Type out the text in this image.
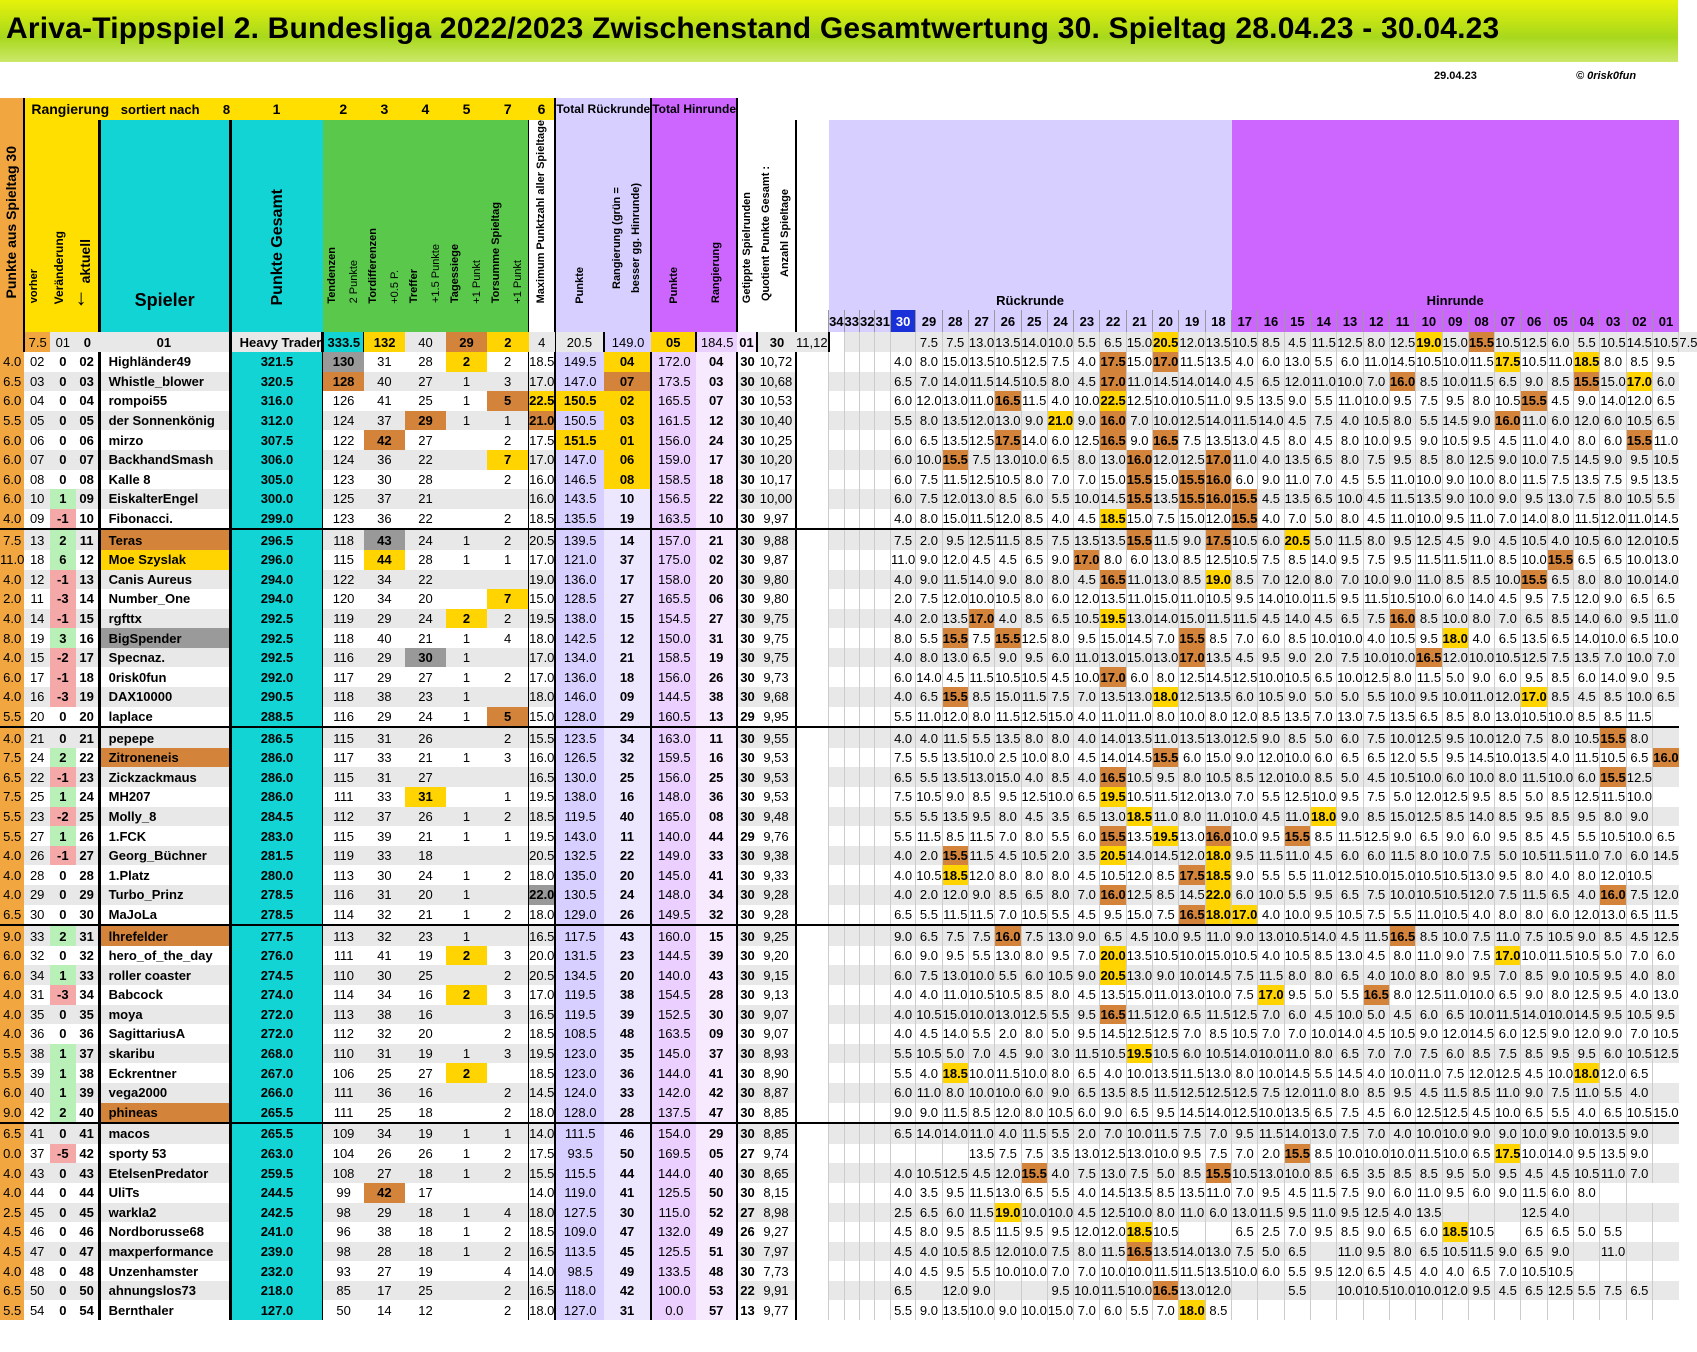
Ariva-Tippspiel 2. Bundesliga 2022/2023 Zwischenstand Gesamtwertung 30. Spieltag 28.04.23 - 30.04.23
29.04.23	© 0risk0fun
Punkte aus Spieltag 30	Rangierung sortiert nach 8				1	2	3	4	5	7	6	Total Rückrunde		Total Hinrunde																																							
	vorher	Veränderung	aktuell
↓	Spieler	Punkte Gesamt	Tendenzen 2 Punkte	Tordifferenzen +0.5 P.	Treffer +1.5 Punkte	Tagessiege +1 Punkt	Torsumme Spieltag +1 Punkt	Maximum Punktzahl aller Spieltage	Punkte	Rangierung (grün = besser gg. Hinrunde)	Punkte	Rangierung	Getippte Spielrunden	Quotient Punkte Gesamt : Anzahl Spieltage		Rückrunde																	Hinrunde																	
																			34	33	32	31	30	29	28	27	26	25	24	23	22	21	20	19	18	17	16	15	14	13	12	11	10	09	08	07	06	05	04	03	02	01	
	7.5	01	0	01	Heavy Trader	333.5	132	40	29	2	4	20.5	149.0	05	184.5	01	30	11,12						7.5	7.5	13.0	13.5	14.0	10.0	5.5	6.5	15.0	20.5	12.0	13.5	10.5	8.5	4.5	11.5	12.5	8.0	12.5	19.0	15.0	15.5	10.5	12.5	6.0	5.5	10.5	14.5	10.5	7.5
4.0	02	0	02	Highländer49	321.5	130	31	28	2	2	18.5	149.5	04	172.0	04	30	10,72						4.0	8.0	15.0	13.5	10.5	12.5	7.5	4.0	17.5	15.0	17.0	11.5	13.5	4.0	6.0	13.0	5.5	6.0	11.0	14.5	10.5	10.0	11.5	17.5	10.5	11.0	18.5	8.0	8.5	9.5	
6.5	03	0	03	Whistle_blower	320.5	128	40	27	1	3	17.0	147.0	07	173.5	03	30	10,68						6.5	7.0	14.0	11.5	14.5	10.5	8.0	4.5	17.0	11.0	14.5	14.0	14.0	4.5	6.5	12.0	11.0	10.0	7.0	16.0	8.5	10.0	11.5	6.5	9.0	8.5	15.5	15.0	17.0	6.0	
6.0	04	0	04	rompoi55	316.0	126	41	25	1	5	22.5	150.5	02	165.5	07	30	10,53						6.0	12.0	13.0	11.0	16.5	11.5	4.0	10.0	22.5	12.5	10.0	10.5	11.0	9.5	13.5	9.0	5.5	11.0	10.0	9.5	7.5	9.5	8.0	10.5	15.5	4.5	9.0	14.0	12.0	6.5	
5.5	05	0	05	der Sonnenkönig	312.0	124	37	29	1	1	21.0	150.5	03	161.5	12	30	10,40						5.5	8.0	13.5	12.0	13.0	9.0	21.0	9.0	16.0	7.0	10.0	12.5	14.0	11.5	14.0	4.5	7.5	4.0	10.5	8.0	5.5	14.5	9.0	16.0	11.0	6.0	12.0	6.0	10.5	6.5	
6.0	06	0	06	mirzo	307.5	122	42	27		2	17.5	151.5	01	156.0	24	30	10,25						6.0	6.5	13.5	12.5	17.5	14.0	6.0	12.5	16.5	9.0	16.5	7.5	13.5	13.0	4.5	8.0	4.5	8.0	10.0	9.5	9.0	10.5	9.5	4.5	11.0	4.0	8.0	6.0	15.5	11.0	
6.0	07	0	07	BackhandSmash	306.0	124	36	22		7	17.0	147.0	06	159.0	17	30	10,20						6.0	10.0	15.5	7.5	13.0	10.0	6.5	8.0	13.0	16.0	12.0	12.5	17.0	11.0	4.0	13.5	6.5	8.0	7.5	9.5	8.5	8.0	12.5	9.0	10.0	7.5	14.5	9.0	9.5	10.5	
6.0	08	0	08	Kalle 8	305.0	123	30	28		2	16.0	146.5	08	158.5	18	30	10,17						6.0	7.5	11.5	12.5	10.5	8.0	7.0	7.0	15.0	15.5	15.0	15.5	16.0	6.0	9.0	11.0	7.0	4.5	5.5	11.0	10.0	9.0	10.0	8.0	11.5	7.5	13.5	7.5	9.5	13.5	
6.0	10	1	09	EiskalterEngel	300.0	125	37	21			16.0	143.5	10	156.5	22	30	10,00						6.0	7.5	12.0	13.0	8.5	6.0	5.5	10.0	14.5	15.5	13.5	15.5	16.0	15.5	4.5	13.5	6.5	10.0	4.5	11.5	13.5	9.0	10.0	9.0	9.5	13.0	7.5	8.0	10.5	5.5	
4.0	09	-1	10	Fibonacci.	299.0	123	36	22		2	18.5	135.5	19	163.5	10	30	9,97						4.0	8.0	15.0	11.5	12.0	8.5	4.0	4.5	18.5	15.0	7.5	15.0	12.0	15.5	4.0	7.0	5.0	8.0	4.5	11.0	10.0	9.5	11.0	7.0	14.0	8.0	11.5	12.0	11.0	14.5	
7.5	13	2	11	Teras	296.5	118	43	24	1	2	20.5	139.5	14	157.0	21	30	9,88						7.5	2.0	9.5	12.5	11.5	8.5	7.5	13.5	13.5	15.5	11.5	9.0	17.5	10.5	6.0	20.5	5.0	11.5	8.0	9.5	12.5	4.5	9.0	4.5	10.5	4.0	10.5	6.0	12.0	10.5	
11.0	18	6	12	Moe Szyslak	296.0	115	44	28	1	1	17.0	121.0	37	175.0	02	30	9,87						11.0	9.0	12.0	4.5	4.5	6.5	9.0	17.0	8.0	6.0	13.0	8.5	12.5	10.5	7.5	8.5	14.0	9.5	7.5	9.5	11.5	11.5	11.0	8.5	10.0	15.5	6.5	6.5	10.0	13.0	
4.0	12	-1	13	Canis Aureus	294.0	122	34	22			19.0	136.0	17	158.0	20	30	9,80						4.0	9.0	11.5	14.0	9.0	8.0	8.0	4.5	16.5	11.0	13.0	8.5	19.0	8.5	7.0	12.0	8.0	7.0	10.0	9.0	11.0	8.5	8.5	10.0	15.5	6.5	8.0	8.0	10.0	14.0	
2.0	11	-3	14	Number_One	294.0	120	34	20		7	15.0	128.5	27	165.5	06	30	9,80						2.0	7.5	12.0	10.0	10.5	8.0	6.0	12.0	13.5	11.0	15.0	11.0	10.5	9.5	14.0	10.0	11.5	9.5	11.5	10.5	10.0	6.0	14.0	4.5	9.5	7.5	12.0	9.0	6.5	6.5	
4.0	14	-1	15	rgfttx	292.5	119	29	24	2	2	19.5	138.0	15	154.5	27	30	9,75						4.0	2.0	13.5	17.0	4.0	8.5	6.5	10.5	19.5	13.0	14.0	15.0	11.5	11.5	4.5	14.0	4.5	6.5	7.5	16.0	8.5	10.0	8.0	7.0	6.5	8.5	14.0	6.0	9.5	11.0	
8.0	19	3	16	BigSpender	292.5	118	40	21	1	4	18.0	142.5	12	150.0	31	30	9,75						8.0	5.5	15.5	7.5	15.5	12.5	8.0	9.5	15.0	14.5	7.0	15.5	8.5	7.0	6.0	8.5	10.0	10.0	4.0	10.5	9.5	18.0	4.0	6.5	13.5	6.5	14.0	10.0	6.5	10.0	
4.0	15	-2	17	Specnaz.	292.5	116	29	30	1		17.0	134.0	21	158.5	19	30	9,75						4.0	8.0	13.0	6.5	9.0	9.5	6.0	11.0	13.0	15.0	13.0	17.0	13.5	4.5	9.5	9.0	2.0	7.5	10.0	10.0	16.5	12.0	10.0	10.5	12.5	7.5	13.5	7.0	10.0	7.0	
6.0	17	-1	18	0risk0fun	292.0	117	29	27	1	2	17.0	136.0	18	156.0	26	30	9,73						6.0	14.0	4.5	11.5	10.5	10.5	4.5	10.0	17.0	6.0	8.0	12.5	14.5	12.5	10.0	10.5	6.5	10.0	12.5	8.0	11.5	5.0	9.0	6.0	9.5	8.5	6.0	14.0	9.0	9.5	
4.0	16	-3	19	DAX10000	290.5	118	38	23	1		18.0	146.0	09	144.5	38	30	9,68						4.0	6.5	15.5	8.5	15.0	11.5	7.5	7.0	13.5	13.0	18.0	12.5	13.5	6.0	10.5	9.0	5.0	5.0	5.5	10.0	9.5	10.0	11.0	12.0	17.0	8.5	4.5	8.5	10.0	6.5	
5.5	20	0	20	laplace	288.5	116	29	24	1	5	15.0	128.0	29	160.5	13	29	9,95						5.5	11.0	12.0	8.0	11.5	12.5	15.0	4.0	11.0	11.0	8.0	10.0	8.0	12.0	8.5	13.5	7.0	13.0	7.5	13.5	6.5	8.5	8.0	13.0	10.5	10.0	8.5	8.5	11.5		
4.0	21	0	21	pepepe	286.5	115	31	26		2	15.5	123.5	34	163.0	11	30	9,55						4.0	4.0	11.5	5.5	13.5	8.0	8.0	4.0	14.0	13.5	11.0	13.5	13.0	12.5	9.0	8.5	5.0	6.0	7.5	10.0	12.5	9.5	10.0	12.0	7.5	8.0	10.5	15.5	8.0		
7.5	24	2	22	Zitroneneis	286.0	117	33	21	1	3	16.0	126.5	32	159.5	16	30	9,53						7.5	5.5	13.5	10.0	2.5	10.0	8.0	4.5	14.0	14.5	15.5	6.0	15.0	9.0	12.0	10.0	6.0	6.5	6.5	12.0	5.5	9.5	14.5	10.0	13.5	4.0	11.5	10.5	6.5	16.0	
6.5	22	-1	23	Zickzackmaus	286.0	115	31	27			16.5	130.0	25	156.0	25	30	9,53						6.5	5.5	13.5	13.0	15.0	4.0	8.5	4.0	16.5	10.5	9.5	8.0	10.5	8.5	12.0	10.0	8.5	5.0	4.5	10.5	10.0	6.0	10.0	8.0	11.5	10.0	6.0	15.5	12.5		
7.5	25	1	24	MH207	286.0	111	33	31		1	19.5	138.0	16	148.0	36	30	9,53						7.5	10.5	9.0	8.5	9.5	12.5	10.0	6.5	19.5	10.5	11.5	12.0	13.0	7.0	5.5	12.5	10.0	9.5	7.5	5.0	12.0	12.5	9.5	8.5	5.0	8.5	12.5	11.5	10.0		
5.5	23	-2	25	Molly_8	284.5	112	37	26	1	2	18.5	119.5	40	165.0	08	30	9,48						5.5	5.5	13.5	9.5	8.0	4.5	3.5	6.5	13.0	18.5	11.0	8.0	11.0	10.0	4.5	11.0	18.0	9.0	8.5	15.0	12.5	8.5	14.0	8.5	9.5	8.5	9.5	8.0	9.0		
5.5	27	1	26	1.FCK	283.0	115	39	21	1	1	19.5	143.0	11	140.0	44	29	9,76						5.5	11.5	8.5	11.5	7.0	8.0	5.5	6.0	15.5	13.5	19.5	13.0	16.0	10.0	9.5	15.5	8.5	11.5	12.5	9.0	6.5	9.0	6.0	9.5	8.5	4.5	5.5	10.5	10.0	6.5	
4.0	26	-1	27	Georg_Büchner	281.5	119	33	18			20.5	132.5	22	149.0	33	30	9,38						4.0	2.0	15.5	11.5	4.5	10.5	2.0	3.5	20.5	14.0	14.5	12.0	18.0	9.5	11.5	11.0	4.5	6.0	6.0	11.5	8.0	10.0	7.5	5.0	10.5	11.5	11.0	7.0	6.0	14.5	
4.0	28	0	28	1.Platz	280.0	113	30	24	1	2	18.0	135.0	20	145.0	41	30	9,33						4.0	10.5	18.5	12.0	8.0	8.0	8.0	4.5	10.5	12.0	8.5	17.5	18.5	9.0	5.5	5.5	11.0	12.5	10.0	15.0	10.5	10.5	13.0	9.5	8.0	4.0	8.0	12.0	10.5		
4.0	29	0	29	Turbo_Prinz	278.5	116	31	20	1		22.0	130.5	24	148.0	34	30	9,28						4.0	2.0	12.0	9.0	8.5	6.5	8.0	7.0	16.0	12.5	8.5	14.5	22.0	6.0	10.0	5.5	9.5	6.5	7.5	10.0	10.5	10.5	12.0	7.5	11.5	6.5	4.0	16.0	7.5	12.0	
6.5	30	0	30	MaJoLa	278.5	114	32	21	1	2	18.0	129.0	26	149.5	32	30	9,28						6.5	5.5	11.5	11.5	7.0	10.5	5.5	4.5	9.5	15.0	7.5	16.5	18.0	17.0	4.0	10.0	9.5	10.5	7.5	5.5	11.0	10.5	4.0	8.0	8.0	6.0	12.0	13.0	6.5	11.5	
9.0	33	2	31	lhrefelder	277.5	113	32	23	1		16.5	117.5	43	160.0	15	30	9,25						9.0	6.5	7.5	7.5	16.0	7.5	13.0	9.0	6.5	4.5	10.0	9.5	11.0	9.0	13.0	10.5	14.0	4.5	11.5	16.5	8.5	10.0	7.5	11.0	7.5	10.5	9.0	8.5	4.5	12.5	
6.0	32	0	32	hero_of_the_day	276.0	111	41	19	2	3	20.0	131.5	23	144.5	39	30	9,20						6.0	9.0	9.5	5.5	13.0	8.0	9.5	7.0	20.0	13.5	10.5	10.0	15.0	10.5	4.0	10.5	8.5	13.0	4.5	8.0	11.0	9.0	7.5	17.0	10.0	11.5	10.5	5.0	7.0	6.0	
6.0	34	1	33	roller coaster	274.5	110	30	25		2	20.5	134.5	20	140.0	43	30	9,15						6.0	7.5	13.0	10.0	5.5	6.0	10.5	9.0	20.5	13.0	9.0	10.0	14.5	7.5	11.5	8.0	8.0	6.5	4.0	10.0	8.0	8.0	9.5	7.0	8.5	9.0	10.5	9.5	4.0	8.0	
4.0	31	-3	34	Babcock	274.0	114	34	16	2	3	17.0	119.5	38	154.5	28	30	9,13						4.0	4.0	11.0	10.5	10.5	8.5	8.0	4.5	13.5	15.0	11.0	13.0	10.0	7.5	17.0	9.5	5.0	5.5	16.5	8.0	12.5	11.0	10.0	6.5	9.0	8.0	12.5	9.5	4.0	13.0	
4.0	35	0	35	moya	272.0	113	38	16		3	16.5	119.5	39	152.5	30	30	9,07						4.0	10.5	15.0	10.0	13.0	12.5	5.5	9.5	16.5	11.5	12.0	6.5	11.5	12.5	7.0	6.0	4.5	10.0	5.0	4.5	6.0	6.5	10.0	11.5	14.0	10.0	14.5	9.5	10.5	9.5	
4.0	36	0	36	SagittariusA	272.0	112	32	20		2	18.5	108.5	48	163.5	09	30	9,07						4.0	4.5	14.0	5.5	2.0	8.0	5.0	9.5	14.5	12.5	12.5	7.0	8.5	10.5	7.0	7.0	10.0	14.0	4.5	10.5	9.0	12.0	14.5	6.0	12.5	9.0	12.0	9.0	7.0	10.5	
5.5	38	1	37	skaribu	268.0	110	31	19	1	3	19.5	123.0	35	145.0	37	30	8,93						5.5	10.5	5.0	7.0	4.5	9.0	3.0	11.5	10.5	19.5	10.5	6.0	10.5	14.0	10.0	11.0	8.0	6.5	7.0	7.0	7.5	6.0	8.5	7.5	8.5	9.5	9.5	6.0	10.5	12.5	
5.5	39	1	38	Eckrentner	267.0	106	25	27	2		18.5	123.0	36	144.0	41	30	8,90						5.5	4.0	18.5	10.0	11.5	10.0	8.0	6.5	4.0	10.0	13.5	11.5	13.0	8.0	10.0	14.5	5.5	14.5	4.0	10.0	11.0	7.5	12.0	12.5	4.5	10.0	18.0	12.0	6.5		
6.0	40	1	39	vega2000	266.0	111	36	16		2	14.5	124.0	33	142.0	42	30	8,87						6.0	11.0	8.0	10.0	10.0	6.0	9.0	6.5	13.5	8.5	11.5	12.5	12.5	12.5	7.5	12.0	11.0	8.0	8.5	9.5	4.5	11.5	8.5	11.0	9.0	7.5	11.0	5.5	4.0		
9.0	42	2	40	phineas	265.5	111	25	18		2	18.0	128.0	28	137.5	47	30	8,85						9.0	9.0	11.5	8.5	12.0	8.0	10.5	6.0	9.0	6.5	9.5	14.5	14.0	12.5	10.0	13.5	6.5	7.5	4.5	6.0	12.5	12.5	4.5	10.0	6.5	5.5	4.0	6.5	10.5	15.0	
6.5	41	0	41	macos	265.5	109	34	19	1	1	14.0	111.5	46	154.0	29	30	8,85						6.5	14.0	14.0	11.0	4.0	11.5	5.5	2.0	7.0	10.0	11.5	7.5	7.0	9.5	11.5	14.0	13.0	7.5	7.0	4.0	10.0	10.0	9.0	9.0	10.0	9.0	10.0	13.5	9.0		
0.0	37	-5	42	sporty 53	263.0	104	26	26	1	2	17.5	93.5	50	169.5	05	27	9,74									13.5	7.5	7.5	3.5	13.0	12.5	13.0	10.0	9.5	7.5	7.0	2.0	15.5	8.5	10.0	10.0	10.0	11.5	10.0	6.5	17.5	10.0	14.0	9.5	13.5	9.0		
4.0	43	0	43	EtelsenPredator	259.5	108	27	18	1	2	15.5	115.5	44	144.0	40	30	8,65						4.0	10.5	12.5	4.5	12.0	15.5	4.0	7.5	13.0	7.5	5.0	8.5	15.5	10.5	13.0	10.0	8.5	6.5	3.5	8.5	8.5	9.5	5.0	9.5	4.5	4.5	10.5	11.0	7.0		
4.0	44	0	44	UliTs	244.5	99	42	17			14.0	119.0	41	125.5	50	30	8,15						4.0	3.5	9.5	11.5	13.0	6.5	5.5	4.0	14.5	13.5	8.5	13.5	11.0	7.0	9.5	4.5	11.5	7.5	9.0	6.0	11.0	9.5	6.0	9.0	11.5	6.0	8.0				
2.5	45	0	45	warkla2	242.5	98	29	18	1	4	18.0	127.5	30	115.0	52	27	8,98						2.5	6.5	6.0	11.5	19.0	10.0	10.0	4.5	12.5	10.0	8.0	11.0	6.0	13.0	11.5	9.5	11.0	9.5	12.5	4.0	13.5				12.5	4.0					
4.5	46	0	46	Nordborusse68	241.0	96	38	18	1	2	18.5	109.0	47	132.0	49	26	9,27						4.5	8.0	9.5	8.5	11.5	9.5	9.5	12.0	12.0	18.5	10.5			6.5	2.5	7.0	9.5	8.5	9.0	6.5	6.0	18.5	10.5		6.5	6.5	5.0	5.5			
4.5	47	0	47	maxperformance	239.0	98	28	18	1	2	16.5	113.5	45	125.5	51	30	7,97						4.5	4.0	10.5	8.5	12.0	10.0	7.5	8.0	11.5	16.5	13.5	14.0	13.0	7.5	5.0	6.5		11.0	9.5	8.0	6.5	10.5	11.5	9.0	6.5	9.0		11.0			
4.0	48	0	48	Unzenhamster	232.0	93	27	19		4	14.0	98.5	49	133.5	48	30	7,73						4.0	4.5	9.5	5.5	10.0	10.0	7.0	7.0	10.0	10.0	11.5	11.5	13.5	10.0	6.0	5.5	9.5	12.0	6.5	4.5	4.0	4.0	6.5	7.0	10.5	10.5					
6.5	50	0	50	ahnungslos73	218.0	85	17	25		2	16.5	118.0	42	100.0	53	22	9,91						6.5		12.0	9.0			9.5	10.0	11.5	10.0	16.5	13.0	12.0			5.5		10.0	10.5	10.0	10.0	12.0	9.5	4.5	6.5	12.5	5.5	7.5	6.5		
5.5	54	0	54	Bernthaler	127.0	50	14	12		2	18.0	127.0	31	0.0	57	13	9,77						5.5	9.0	13.5	10.0	9.0	10.0	15.0	7.0	6.0	5.5	7.0	18.0	8.5																		
